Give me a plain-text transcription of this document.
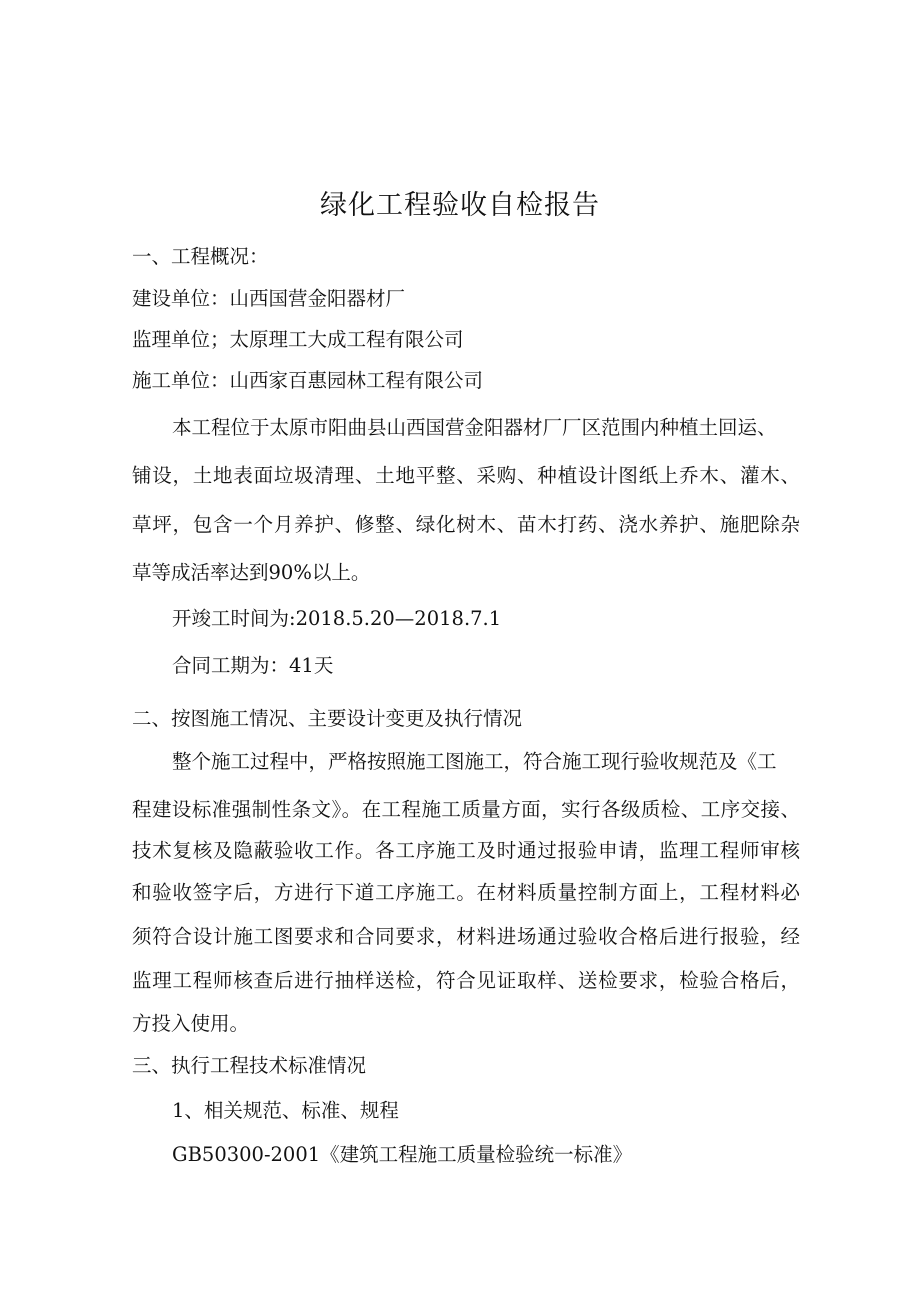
绿化工程验收自检报告
一、工程概况：
建设单位：山西国营金阳器材厂
监理单位；太原理工大成工程有限公司
施工单位：山西家百惠园林工程有限公司
本工程位于太原市阳曲县山西国营金阳器材厂厂区范围内种植土回运、
铺设，土地表面垃圾清理、土地平整、采购、种植设计图纸上乔木、灌木、
草坪，包含一个月养护、修整、绿化树木、苗木打药、浇水养护、施肥除杂
草等成活率达到90%以上。
开竣工时间为:2018.5.20—2018.7.1
合同工期为：41天
二、按图施工情况、主要设计变更及执行情况
整个施工过程中，严格按照施工图施工，符合施工现行验收规范及《工
程建设标准强制性条文》。在工程施工质量方面，实行各级质检、工序交接、
技术复核及隐蔽验收工作。各工序施工及时通过报验申请，监理工程师审核
和验收签字后，方进行下道工序施工。在材料质量控制方面上，工程材料必
须符合设计施工图要求和合同要求，材料进场通过验收合格后进行报验，经
监理工程师核查后进行抽样送检，符合见证取样、送检要求，检验合格后，
方投入使用。
三、执行工程技术标准情况
1、相关规范、标准、规程
GB50300-2001《建筑工程施工质量检验统一标准》
